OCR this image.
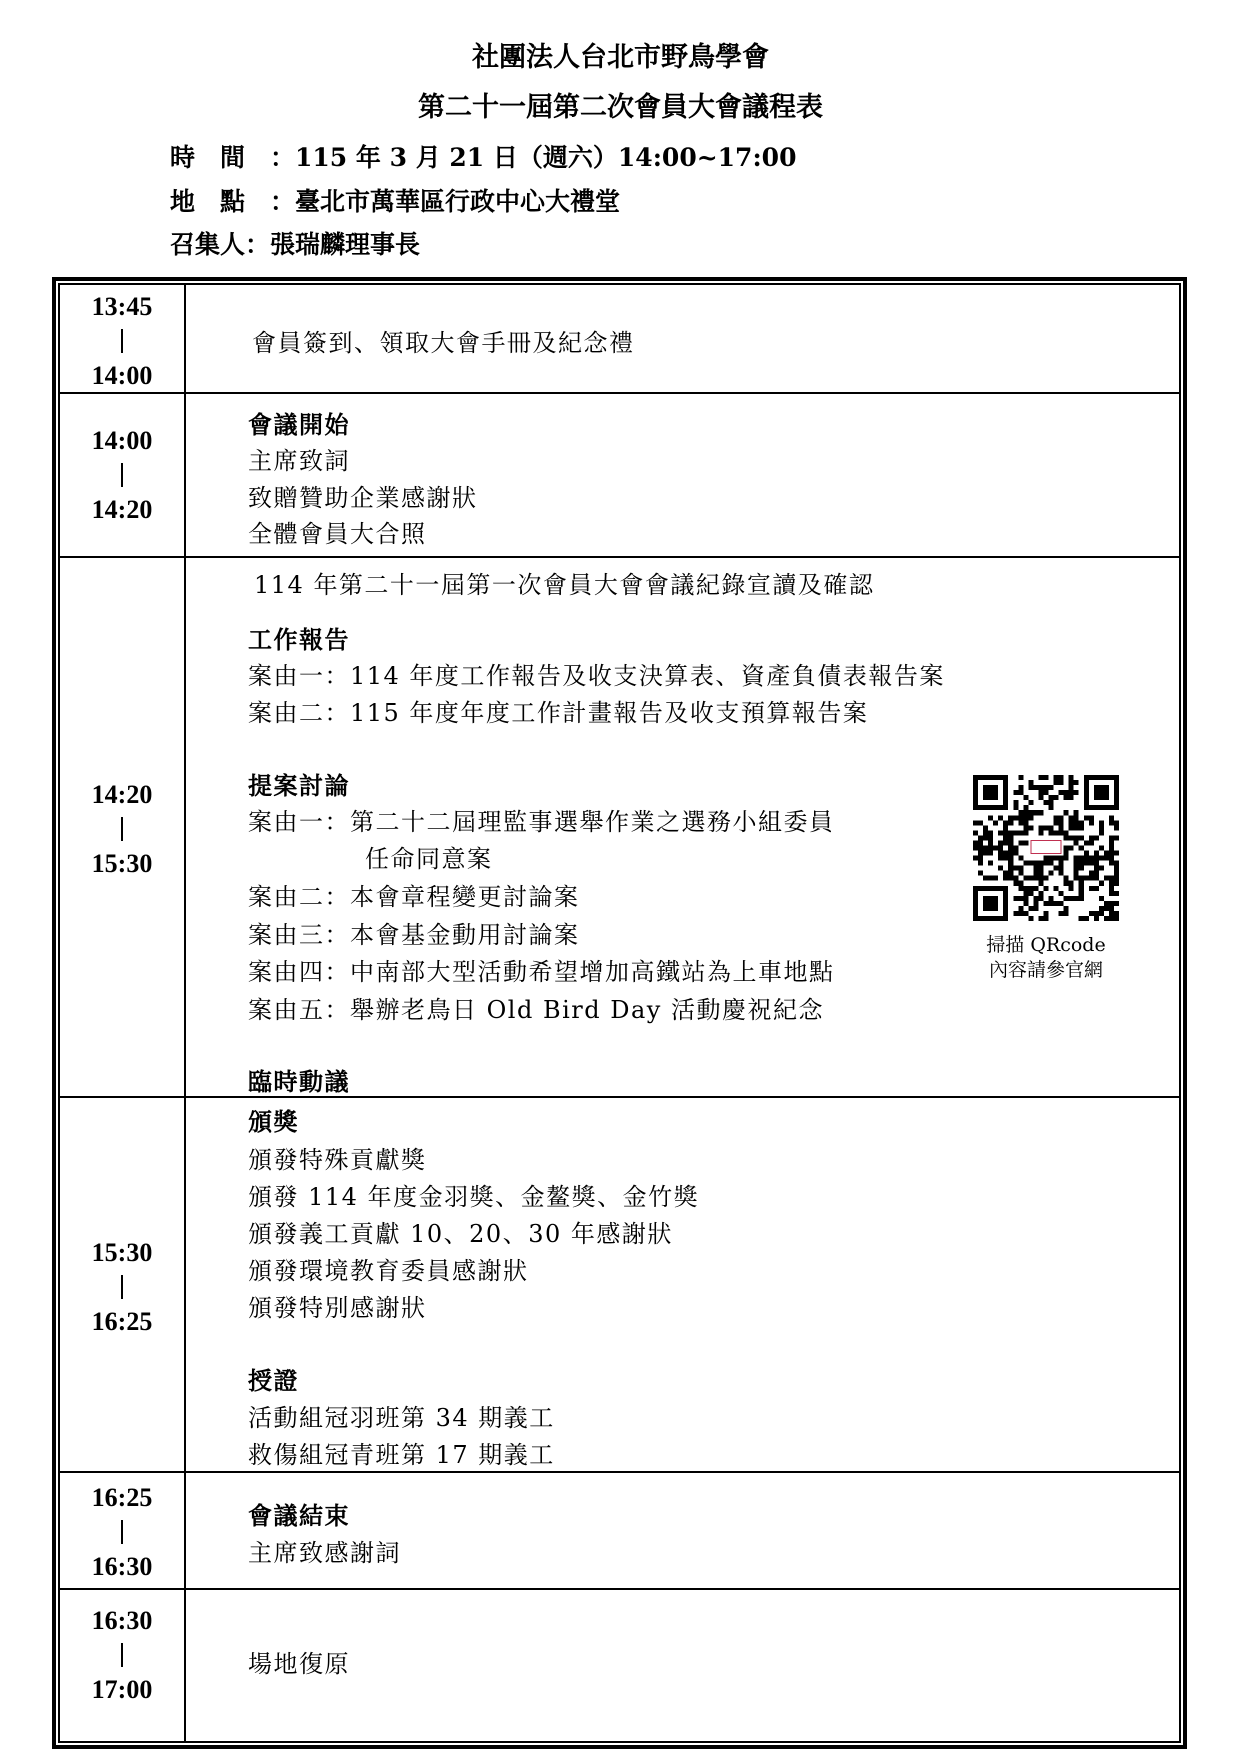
社團法人台北市野鳥學會
第二十一屆第二次會員大會議程表
時　間　：115 年 3 月 21 日（週六）14:00~17:00
地　點　：臺北市萬華區行政中心大禮堂
召集人：張瑞麟理事長
13:45
14:00
14:00
14:20
14:20
15:30
15:30
16:25
16:25
16:30
16:30
17:00
會員簽到、領取大會手冊及紀念禮
會議開始
主席致詞
致贈贊助企業感謝狀
全體會員大合照
114 年第二十一屆第一次會員大會會議紀錄宣讀及確認
工作報告
案由一：114 年度工作報告及收支決算表、資產負債表報告案
案由二：115 年度年度工作計畫報告及收支預算報告案
提案討論
案由一：第二十二屆理監事選舉作業之選務小組委員
任命同意案
案由二：本會章程變更討論案
案由三：本會基金動用討論案
案由四：中南部大型活動希望增加高鐵站為上車地點
案由五：舉辦老鳥日 Old Bird Day 活動慶祝紀念
臨時動議
掃描 QRcode
內容請參官網
頒獎
頒發特殊貢獻獎
頒發 114 年度金羽獎、金鳌獎、金竹獎
頒發義工貢獻 10、20、30 年感謝狀
頒發環境教育委員感謝狀
頒發特別感謝狀
授證
活動組冠羽班第 34 期義工
救傷組冠青班第 17 期義工
會議結束
主席致感謝詞
場地復原
